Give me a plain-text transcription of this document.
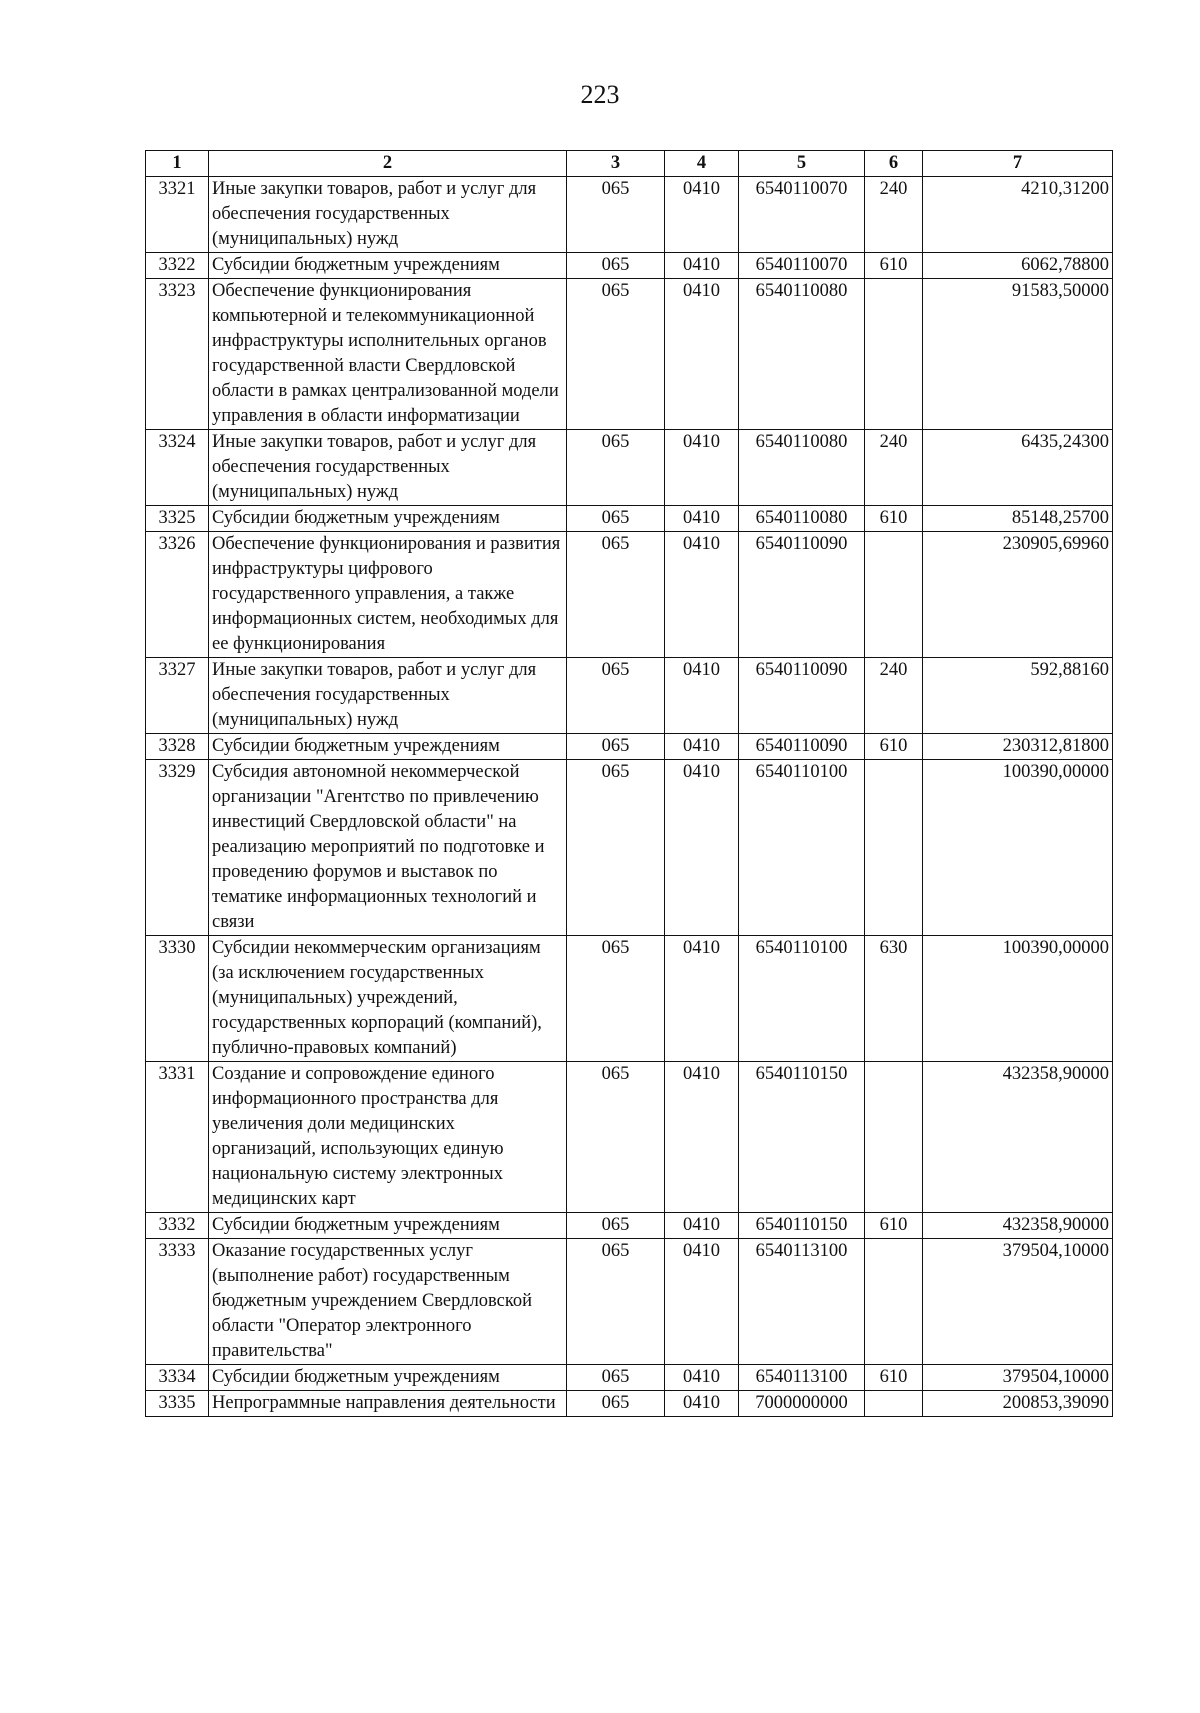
223
1	2	3	4	5	6	7
3321	Иные закупки товаров, работ и услуг для обеспечения государственных (муниципальных) нужд	065	0410	6540110070	240	4210,31200
3322	Субсидии бюджетным учреждениям	065	0410	6540110070	610	6062,78800
3323	Обеспечение функционирования компьютерной и телекоммуникационной инфраструктуры исполнительных органов государственной власти Свердловской области в рамках централизованной модели управления в области информатизации	065	0410	6540110080		91583,50000
3324	Иные закупки товаров, работ и услуг для обеспечения государственных (муниципальных) нужд	065	0410	6540110080	240	6435,24300
3325	Субсидии бюджетным учреждениям	065	0410	6540110080	610	85148,25700
3326	Обеспечение функционирования и развития инфраструктуры цифрового государственного управления, а также информационных систем, необходимых для ее функционирования	065	0410	6540110090		230905,69960
3327	Иные закупки товаров, работ и услуг для обеспечения государственных (муниципальных) нужд	065	0410	6540110090	240	592,88160
3328	Субсидии бюджетным учреждениям	065	0410	6540110090	610	230312,81800
3329	Субсидия автономной некоммерческой организации "Агентство по привлечению инвестиций Свердловской области" на реализацию мероприятий по подготовке и проведению форумов и выставок по тематике информационных технологий и связи	065	0410	6540110100		100390,00000
3330	Субсидии некоммерческим организациям (за исключением государственных (муниципальных) учреждений, государственных корпораций (компаний), публично-правовых компаний)	065	0410	6540110100	630	100390,00000
3331	Создание и сопровождение единого информационного пространства для увеличения доли медицинских организаций, использующих единую национальную систему электронных медицинских карт	065	0410	6540110150		432358,90000
3332	Субсидии бюджетным учреждениям	065	0410	6540110150	610	432358,90000
3333	Оказание государственных услуг (выполнение работ) государственным бюджетным учреждением Свердловской области "Оператор электронного правительства"	065	0410	6540113100		379504,10000
3334	Субсидии бюджетным учреждениям	065	0410	6540113100	610	379504,10000
3335	Непрограммные направления деятельности	065	0410	7000000000		200853,39090
